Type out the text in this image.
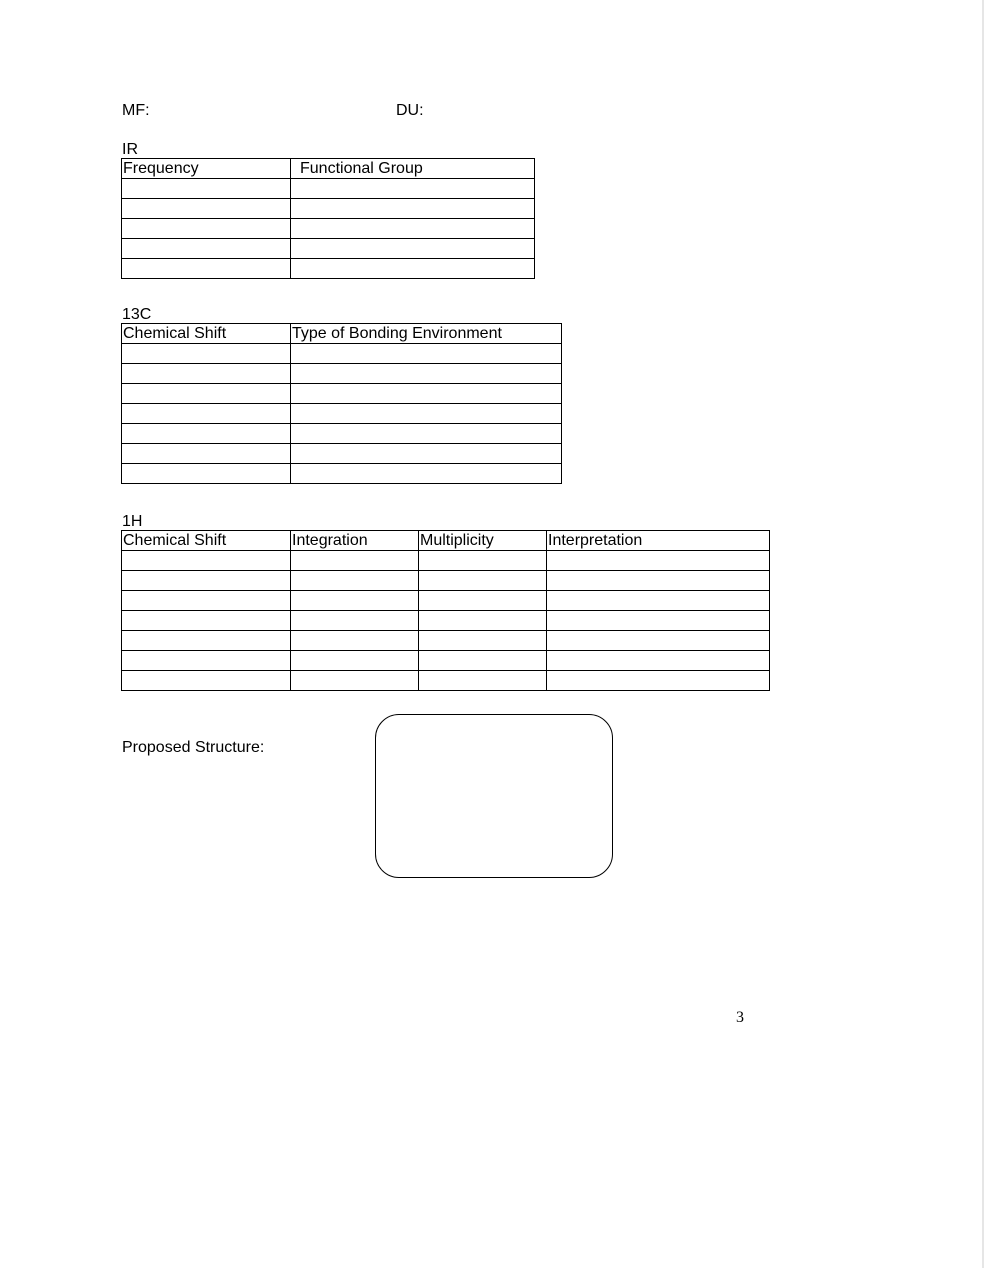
MF:	DU:
IR
Frequency	Functional Group

13C
Chemical Shift	Type of Bonding Environment

1H
Chemical Shift	Integration	Multiplicity	Interpretation

Proposed Structure:
3
